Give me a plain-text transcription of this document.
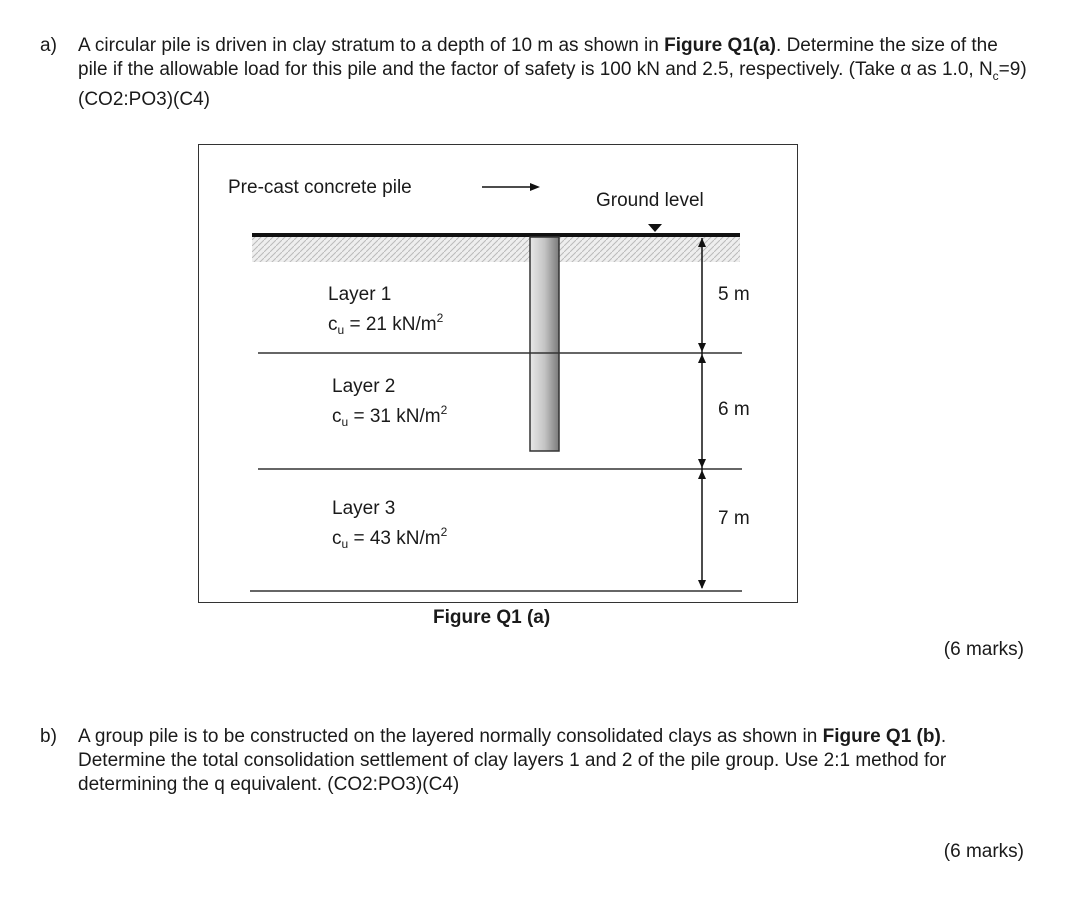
a) A circular pile is driven in clay stratum to a depth of 10 m as shown in Figure Q1(a). Determine the size of the pile if the allowable load for this pile and the factor of safety is 100 kN and 2.5, respectively. (Take α as 1.0, $N_c=9$) (CO2:PO3)(C4)
Pre-cast concrete pile
Ground level
Layer 1
$c_u = 21$ $kN/m^2$
5 m
Layer 2
$c_u = 31$ $kN/m^2$	6 m
Layer 3
$c_u = 43$ $kN/m^2$
7 m
Figure Q1 (a)
(6 marks)
b) A group pile is to be constructed on the layered normally consolidated clays as shown in Figure Q1 (b). Determine the total consolidation settlement of clay layers 1 and 2 of the pile group. Use 2:1 method for determining the q equivalent. (CO2:PO3)(C4)
(6 marks)
